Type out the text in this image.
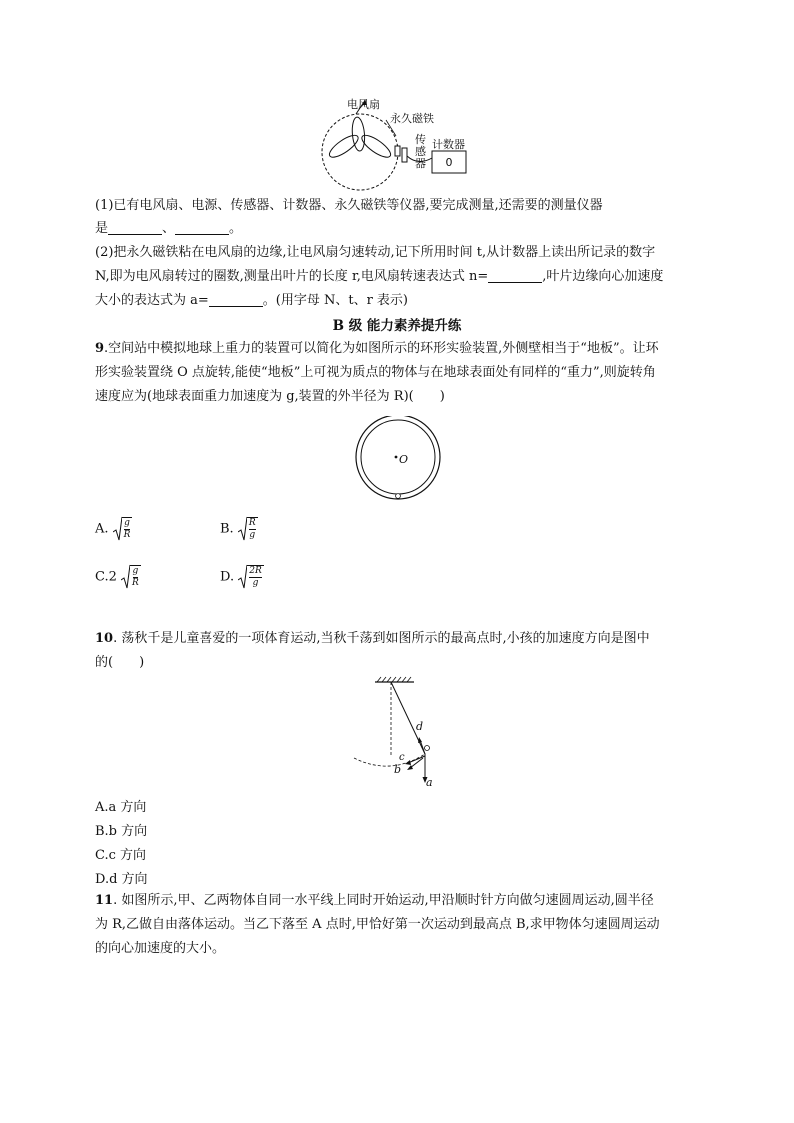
电风扇
永久磁铁
传感器
计数器
0
(1)已有电风扇、电源、传感器、计数器、永久磁铁等仪器,要完成测量,还需要的测量仪器
是	、	。
(2)把永久磁铁粘在电风扇的边缘,让电风扇匀速转动,记下所用时间 t,从计数器上读出所记录的数字
N,即为电风扇转过的圈数,测量出叶片的长度 r,电风扇转速表达式 n=	,叶片边缘向心加速度
大小的表达式为 a=	。(用字母 N、t、r 表示)
B 级 能力素养提升练
9.空间站中模拟地球上重力的装置可以简化为如图所示的环形实验装置,外侧壁相当于“地板”。让环
形实验装置绕 O 点旋转,能使“地板”上可视为质点的物体与在地球表面处有同样的“重力”,则旋转角
速度应为(地球表面重力加速度为 g,装置的外半径为 R)(　　)
O
A. g
R	B. R
g
C.2 g
R	D. 2R
g
10. 荡秋千是儿童喜爱的一项体育运动,当秋千荡到如图所示的最高点时,小孩的加速度方向是图中
的(　　)
d
c
b
a
A.a 方向
B.b 方向
C.c 方向
D.d 方向
11. 如图所示,甲、乙两物体自同一水平线上同时开始运动,甲沿顺时针方向做匀速圆周运动,圆半径
为 R,乙做自由落体运动。当乙下落至 A 点时,甲恰好第一次运动到最高点 B,求甲物体匀速圆周运动
的向心加速度的大小。
